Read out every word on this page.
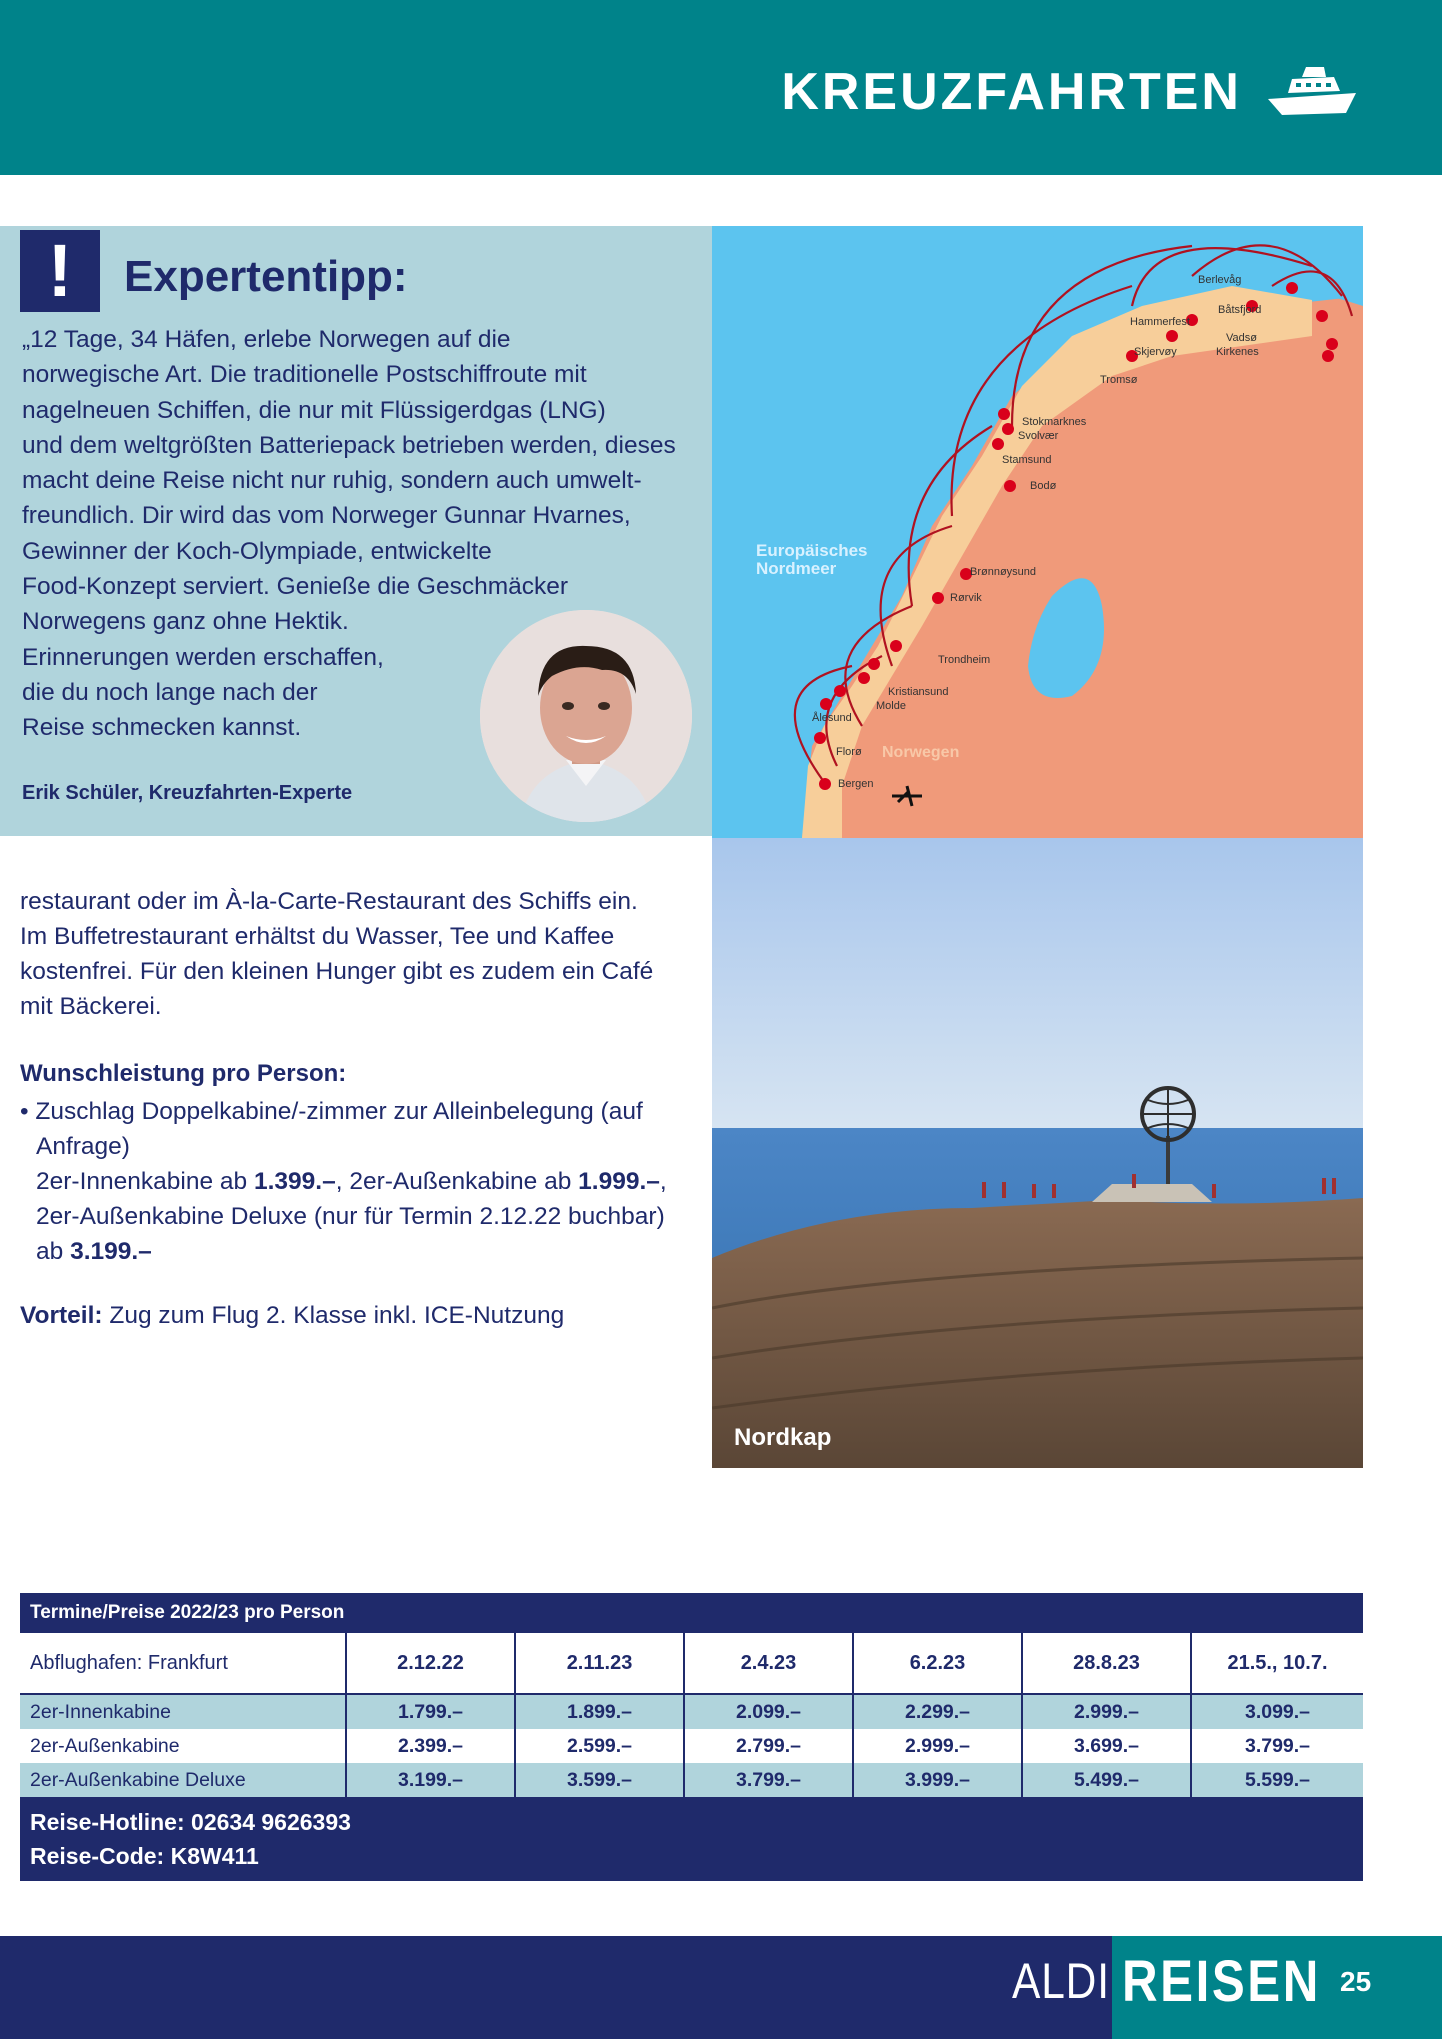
KREUZFAHRTEN
!	Expertentipp:
„12 Tage, 34 Häfen, erlebe Norwegen auf die
norwegische Art. Die traditionelle Postschiffroute mit
nagelneuen Schiffen, die nur mit Flüssigerdgas (LNG)
und dem weltgrößten Batteriepack betrieben werden, dieses
macht deine Reise nicht nur ruhig, sondern auch umwelt-
freundlich. Dir wird das vom Norweger Gunnar Hvarnes,
Gewinner der Koch-Olympiade, entwickelte
Food-Konzept serviert. Genieße die Geschmäcker
Norwegens ganz ohne Hektik.
Erinnerungen werden erschaffen,
die du noch lange nach der
Reise schmecken kannst.
Erik Schüler, Kreuzfahrten-Experte
Europäisches
Nordmeer
Norwegen
Berlevåg
Båtsfjord
Hammerfest
Vadsø
Kirkenes
Skjervøy
Tromsø
Stokmarknes
Svolvær
Stamsund
Bodø
Brønnøysund
Rørvik
Trondheim
Kristiansund
Molde
Ålesund
Florø
Bergen
Nordkap

restaurant oder im À-la-Carte-Restaurant des Schiffs ein.

Im Buffetrestaurant erhältst du Wasser, Tee und Kaffee

kostenfrei. Für den kleinen Hunger gibt es zudem ein Café

mit Bäckerei.

Wunschleistung pro Person:
• Zuschlag Doppelkabine/-zimmer zur Alleinbelegung (auf
Anfrage)
2er-Innenkabine ab 1.399.–, 2er-Außenkabine ab 1.999.–,
2er-Außenkabine Deluxe (nur für Termin 2.12.22 buchbar)
ab 3.199.–
Vorteil: Zug zum Flug 2. Klasse inkl. ICE-Nutzung
Termine/Preise 2022/23 pro Person						
Abflughafen: Frankfurt	2.12.22	2.11.23	2.4.23	6.2.23	28.8.23	21.5., 10.7.
2er-Innenkabine	1.799.–	1.899.–	2.099.–	2.299.–	2.999.–	3.099.–
2er-Außenkabine	2.399.–	2.599.–	2.799.–	2.999.–	3.699.–	3.799.–
2er-Außenkabine Deluxe	3.199.–	3.599.–	3.799.–	3.999.–	5.499.–	5.599.–

Reise-Hotline: 02634 9626393
Reise-Code: K8W411						
ALDI REISEN 25
